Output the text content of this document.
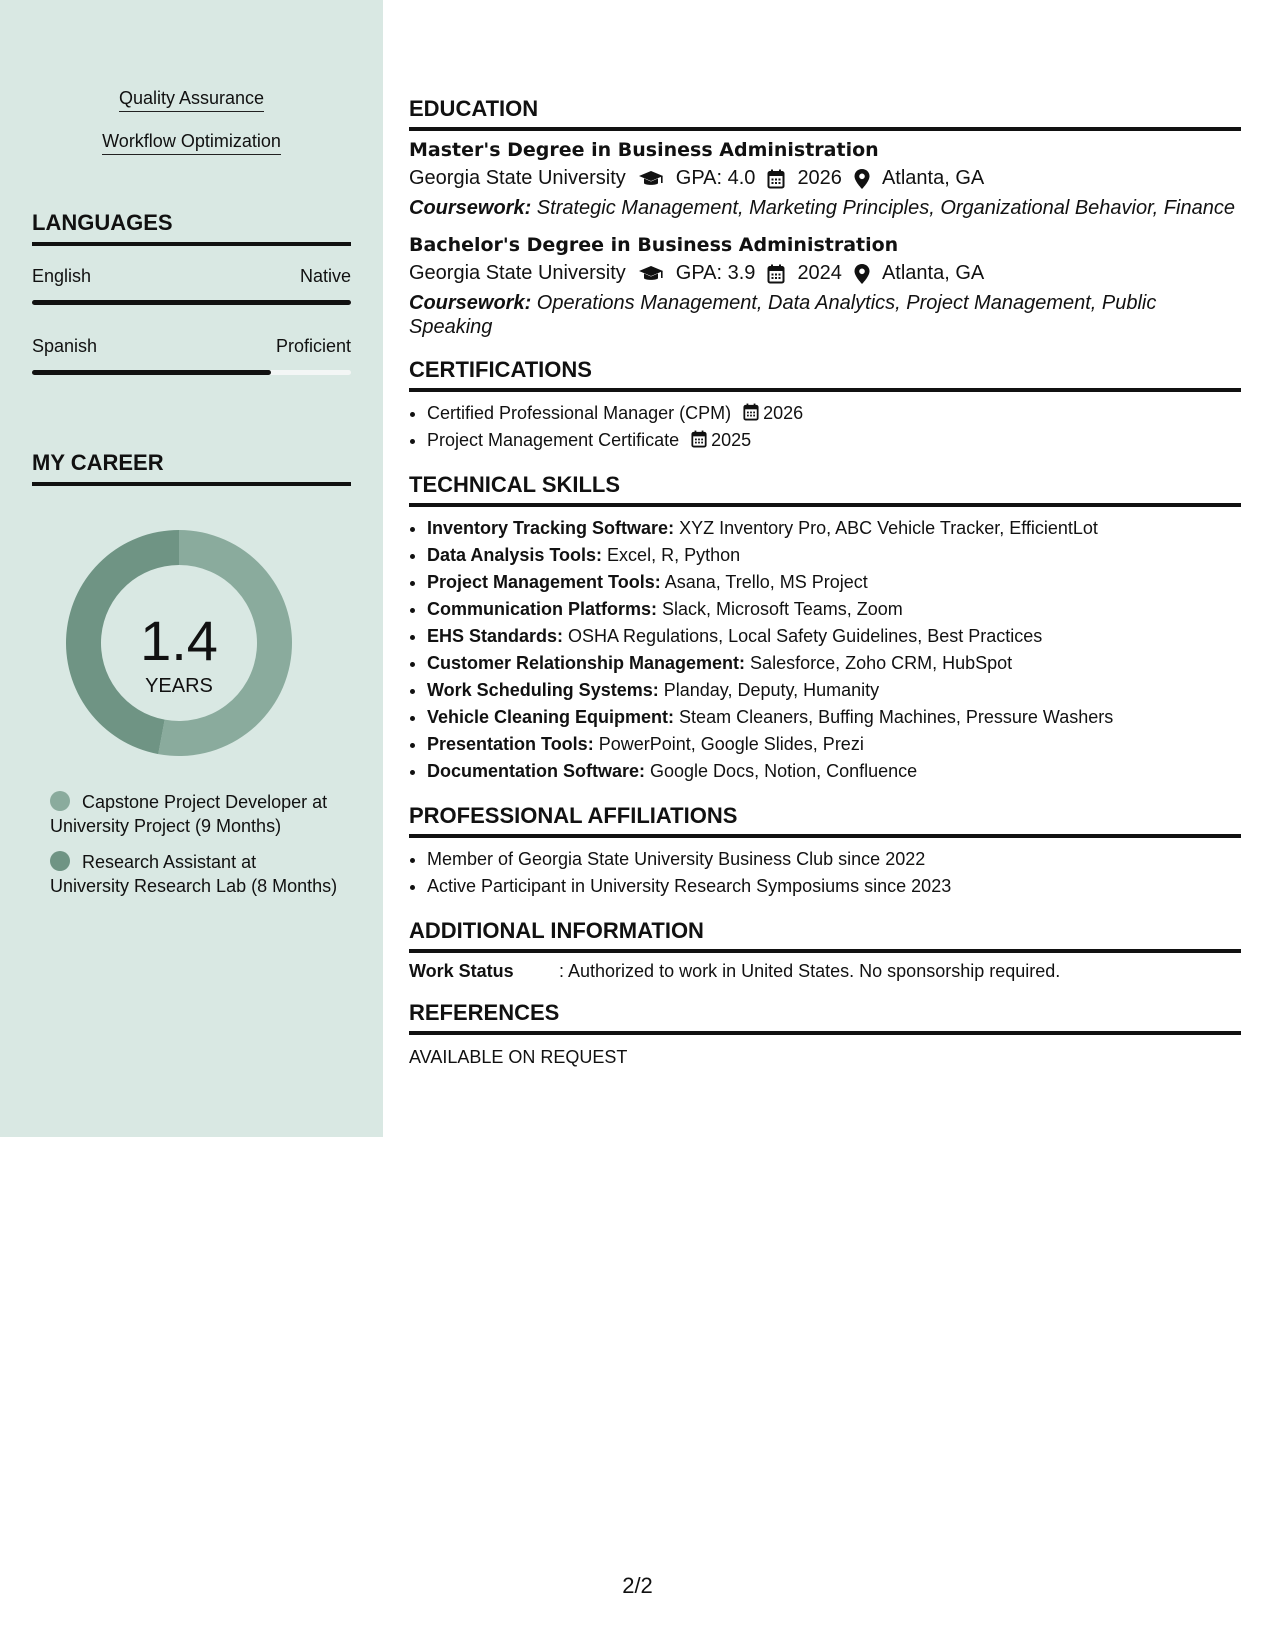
Quality Assurance
Workflow Optimization
LANGUAGES
English	Native
Spanish	Proficient
MY CAREER
1.4
YEARS
Capstone Project Developer at University Project (9 Months)
Research Assistant at University Research Lab (8 Months)
EDUCATION
Master's Degree in Business Administration
Georgia State University	GPA: 4.0 2026 Atlanta, GA
Coursework: Strategic Management, Marketing Principles, Organizational Behavior, Finance
Bachelor's Degree in Business Administration
Georgia State University	GPA: 3.9 2024 Atlanta, GA
Coursework: Operations Management, Data Analytics, Project Management, Public Speaking
CERTIFICATIONS
• Certified Professional Manager (CPM) 2026
• Project Management Certificate 2025
TECHNICAL SKILLS
• Inventory Tracking Software: XYZ Inventory Pro, ABC Vehicle Tracker, EfficientLot
• Data Analysis Tools: Excel, R, Python
• Project Management Tools: Asana, Trello, MS Project
• Communication Platforms: Slack, Microsoft Teams, Zoom
• EHS Standards: OSHA Regulations, Local Safety Guidelines, Best Practices
• Customer Relationship Management: Salesforce, Zoho CRM, HubSpot
• Work Scheduling Systems: Planday, Deputy, Humanity
• Vehicle Cleaning Equipment: Steam Cleaners, Buffing Machines, Pressure Washers
• Presentation Tools: PowerPoint, Google Slides, Prezi
• Documentation Software: Google Docs, Notion, Confluence
PROFESSIONAL AFFILIATIONS
• Member of Georgia State University Business Club since 2022
• Active Participant in University Research Symposiums since 2023
ADDITIONAL INFORMATION
Work Status	: Authorized to work in United States. No sponsorship required.
REFERENCES
AVAILABLE ON REQUEST
2/2
